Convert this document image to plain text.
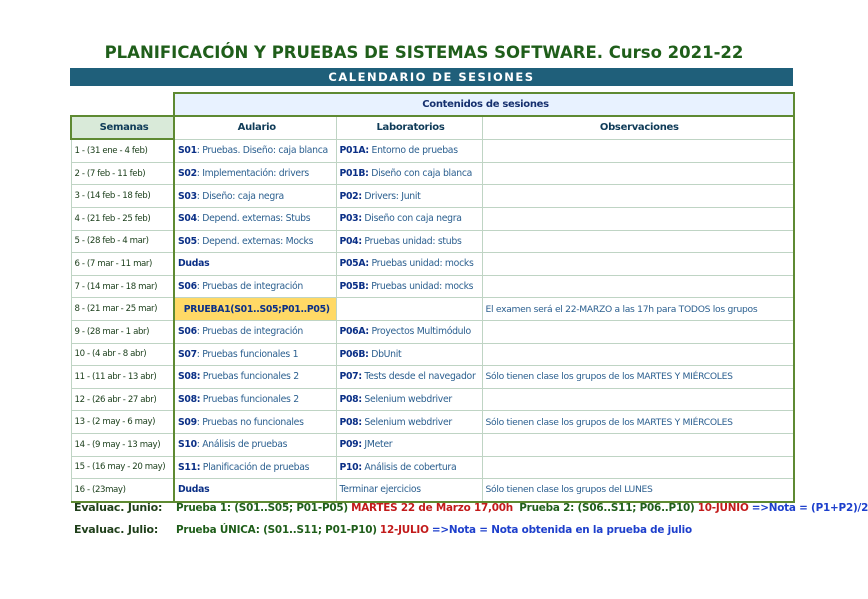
PLANIFICACIÓN Y PRUEBAS DE SISTEMAS SOFTWARE. Curso 2021-22
CALENDARIO DE SESIONES
	Contenidos de sesiones		
Semanas	Aulario	Laboratorios	Observaciones
1 - (31 ene - 4 feb)	S01: Pruebas. Diseño: caja blanca	P01A: Entorno de pruebas	
2 - (7 feb - 11 feb)	S02: Implementación: drivers	P01B: Diseño con caja blanca	
3 - (14 feb - 18 feb)	S03: Diseño: caja negra	P02: Drivers: Junit	
4 - (21 feb - 25 feb)	S04: Depend. externas: Stubs	P03: Diseño con caja negra	
5 - (28 feb - 4 mar)	S05: Depend. externas: Mocks	P04: Pruebas unidad: stubs	
6 - (7 mar - 11 mar)	Dudas	P05A: Pruebas unidad: mocks	
7 - (14 mar - 18 mar)	S06: Pruebas de integración	P05B: Pruebas unidad: mocks	
8 - (21 mar - 25 mar)	PRUEBA1(S01..S05;P01..P05)		El examen será el 22-MARZO a las 17h para TODOS los grupos
9 - (28 mar - 1 abr)	S06: Pruebas de integración	P06A: Proyectos Multimódulo	
10 - (4 abr - 8 abr)	S07: Pruebas funcionales 1	P06B: DbUnit	
11 - (11 abr - 13 abr)	S08: Pruebas funcionales 2	P07: Tests desde el navegador	Sólo tienen clase los grupos de los MARTES Y MIÉRCOLES
12 - (26 abr - 27 abr)	S08: Pruebas funcionales 2	P08: Selenium webdriver	
13 - (2 may - 6 may)	S09: Pruebas no funcionales	P08: Selenium webdriver	Sólo tienen clase los grupos de los MARTES Y MIÉRCOLES
14 - (9 may - 13 may)	S10: Análisis de pruebas	P09: JMeter	
15 - (16 may - 20 may)	S11: Planificación de pruebas	P10: Análisis de cobertura	
16 - (23may)	Dudas	Terminar ejercicios	Sólo tienen clase los grupos del LUNES
Evaluac. Junio: Prueba 1: (S01..S05; P01-P05) MARTES 22 de Marzo 17,00h Prueba 2: (S06..S11; P06..P10) 10-JUNIO =>Nota = (P1+P2)/2
Evaluac. Julio: Prueba ÚNICA: (S01..S11; P01-P10) 12-JULIO =>Nota = Nota obtenida en la prueba de julio
